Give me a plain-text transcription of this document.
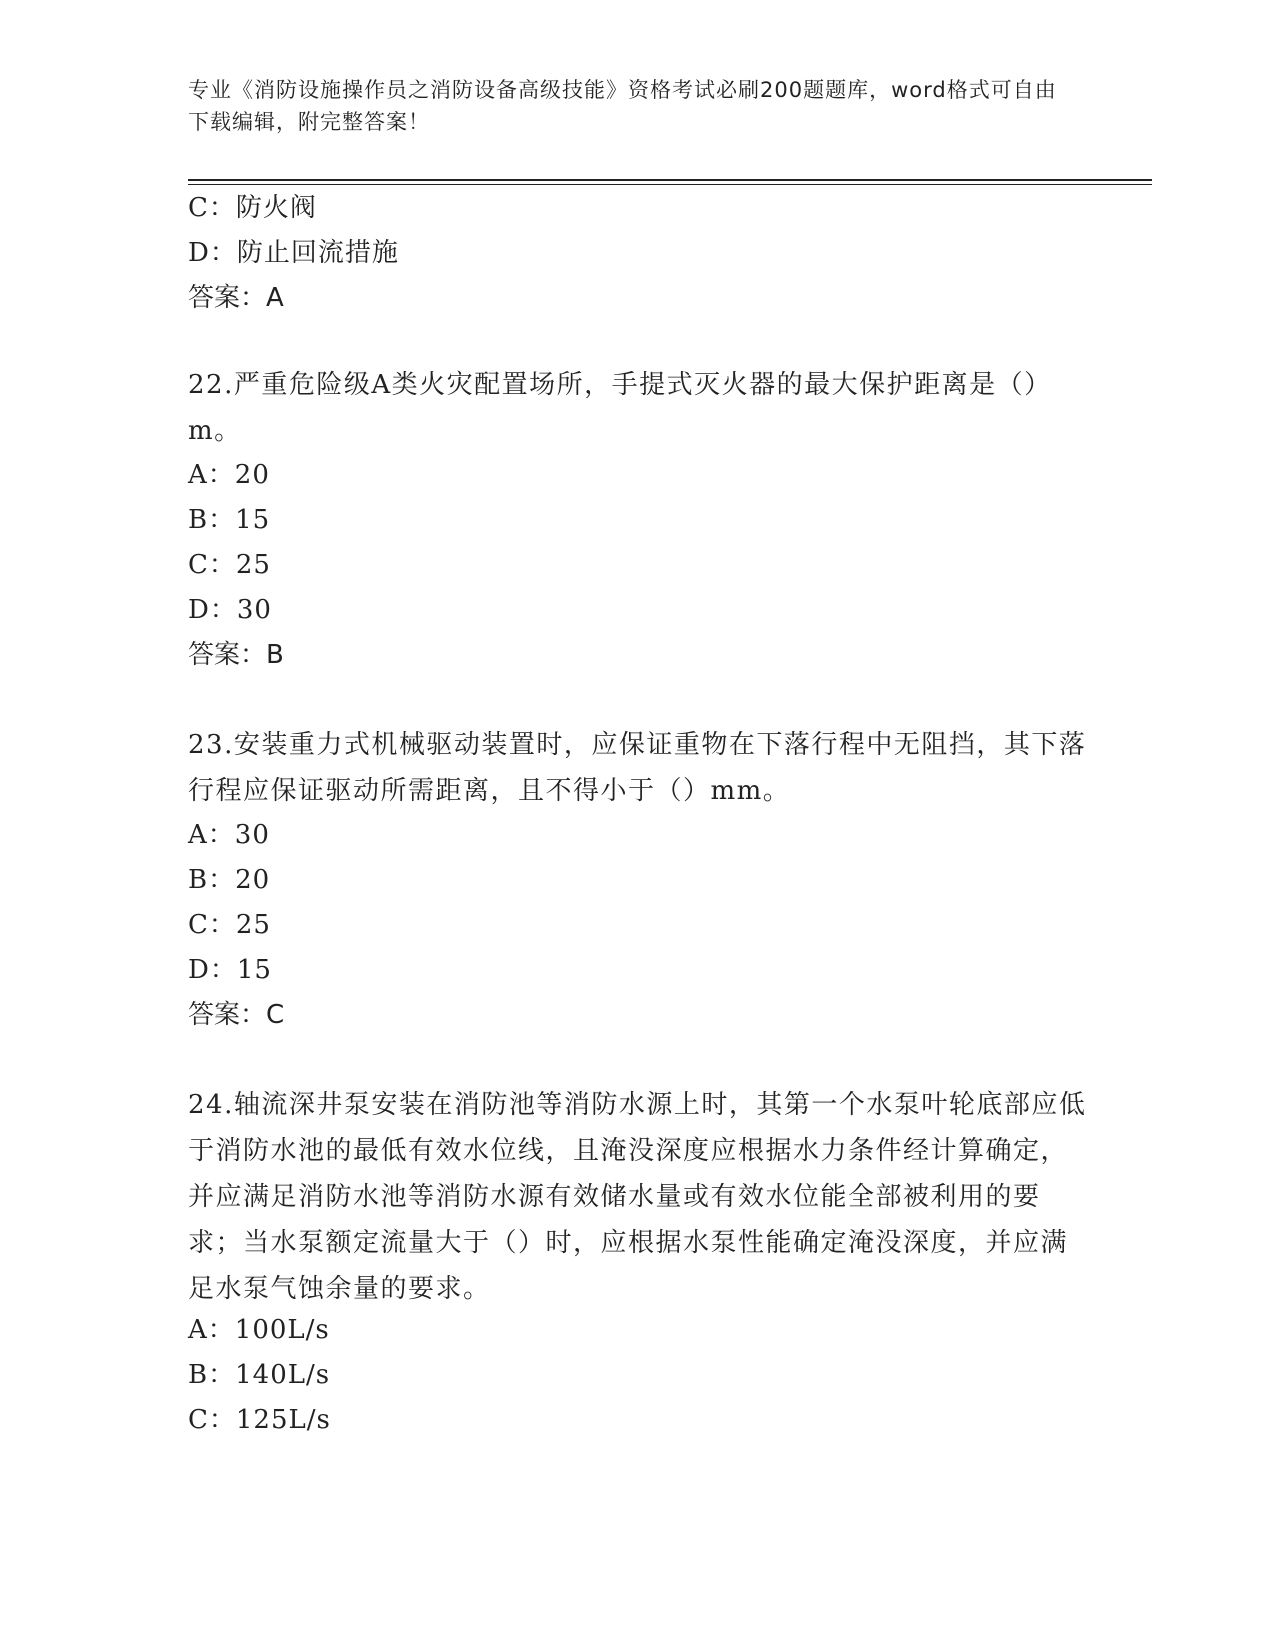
专业《消防设施操作员之消防设备高级技能》资格考试必刷200题题库，word格式可自由下载编辑，附完整答案！
C：防火阀
D：防止回流措施
答案：A
22.严重危险级A类火灾配置场所，手提式灭火器的最大保护距离是（）m。
A：20
B：15
C：25
D：30
答案：B
23.安装重力式机械驱动装置时，应保证重物在下落行程中无阻挡，其下落行程应保证驱动所需距离，且不得小于（）mm。
A：30
B：20
C：25
D：15
答案：C
24.轴流深井泵安装在消防池等消防水源上时，其第一个水泵叶轮底部应低于消防水池的最低有效水位线，且淹没深度应根据水力条件经计算确定，并应满足消防水池等消防水源有效储水量或有效水位能全部被利用的要求；当水泵额定流量大于（）时，应根据水泵性能确定淹没深度，并应满足水泵气蚀余量的要求。
A：100L/s
B：140L/s
C：125L/s
